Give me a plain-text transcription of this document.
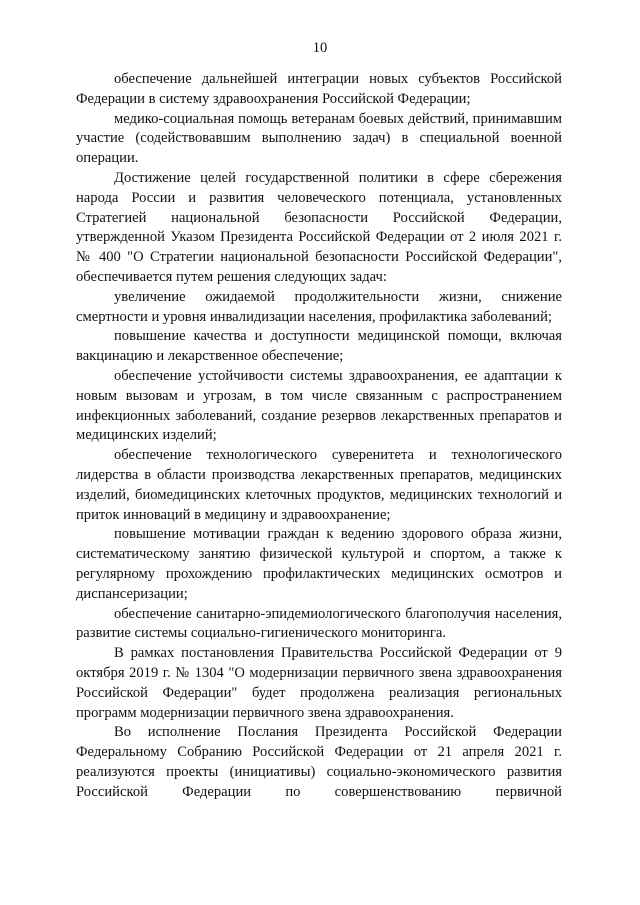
10

обеспечение дальнейшей интеграции новых субъектов Российской Федерации в систему здравоохранения Российской Федерации;

медико-социальная помощь ветеранам боевых действий, принимавшим участие (содействовавшим выполнению задач) в специальной военной операции.

Достижение целей государственной политики в сфере сбережения народа России и развития человеческого потенциала, установленных Стратегией национальной безопасности Российской Федерации, утвержденной Указом Президента Российской Федерации от 2 июля 2021 г. № 400 "О Стратегии национальной безопасности Российской Федерации", обеспечивается путем решения следующих задач:

увеличение ожидаемой продолжительности жизни, снижение смертности и уровня инвалидизации населения, профилактика заболеваний;

повышение качества и доступности медицинской помощи, включая вакцинацию и лекарственное обеспечение;

обеспечение устойчивости системы здравоохранения, ее адаптации к новым вызовам и угрозам, в том числе связанным с распространением инфекционных заболеваний, создание резервов лекарственных препаратов и медицинских изделий;

обеспечение технологического суверенитета и технологического лидерства в области производства лекарственных препаратов, медицинских изделий, биомедицинских клеточных продуктов, медицинских технологий и приток инноваций в медицину и здравоохранение;

повышение мотивации граждан к ведению здорового образа жизни, систематическому занятию физической культурой и спортом, а также к регулярному прохождению профилактических медицинских осмотров и диспансеризации;

обеспечение санитарно-эпидемиологического благополучия населения, развитие системы социально-гигиенического мониторинга.

В рамках постановления Правительства Российской Федерации от 9 октября 2019 г. № 1304 "О модернизации первичного звена здравоохранения Российской Федерации" будет продолжена реализация региональных программ модернизации первичного звена здравоохранения.

Во исполнение Послания Президента Российской Федерации Федеральному Собранию Российской Федерации от 21 апреля 2021 г. реализуются проекты (инициативы) социально-экономического развития Российской Федерации по совершенствованию первичной
